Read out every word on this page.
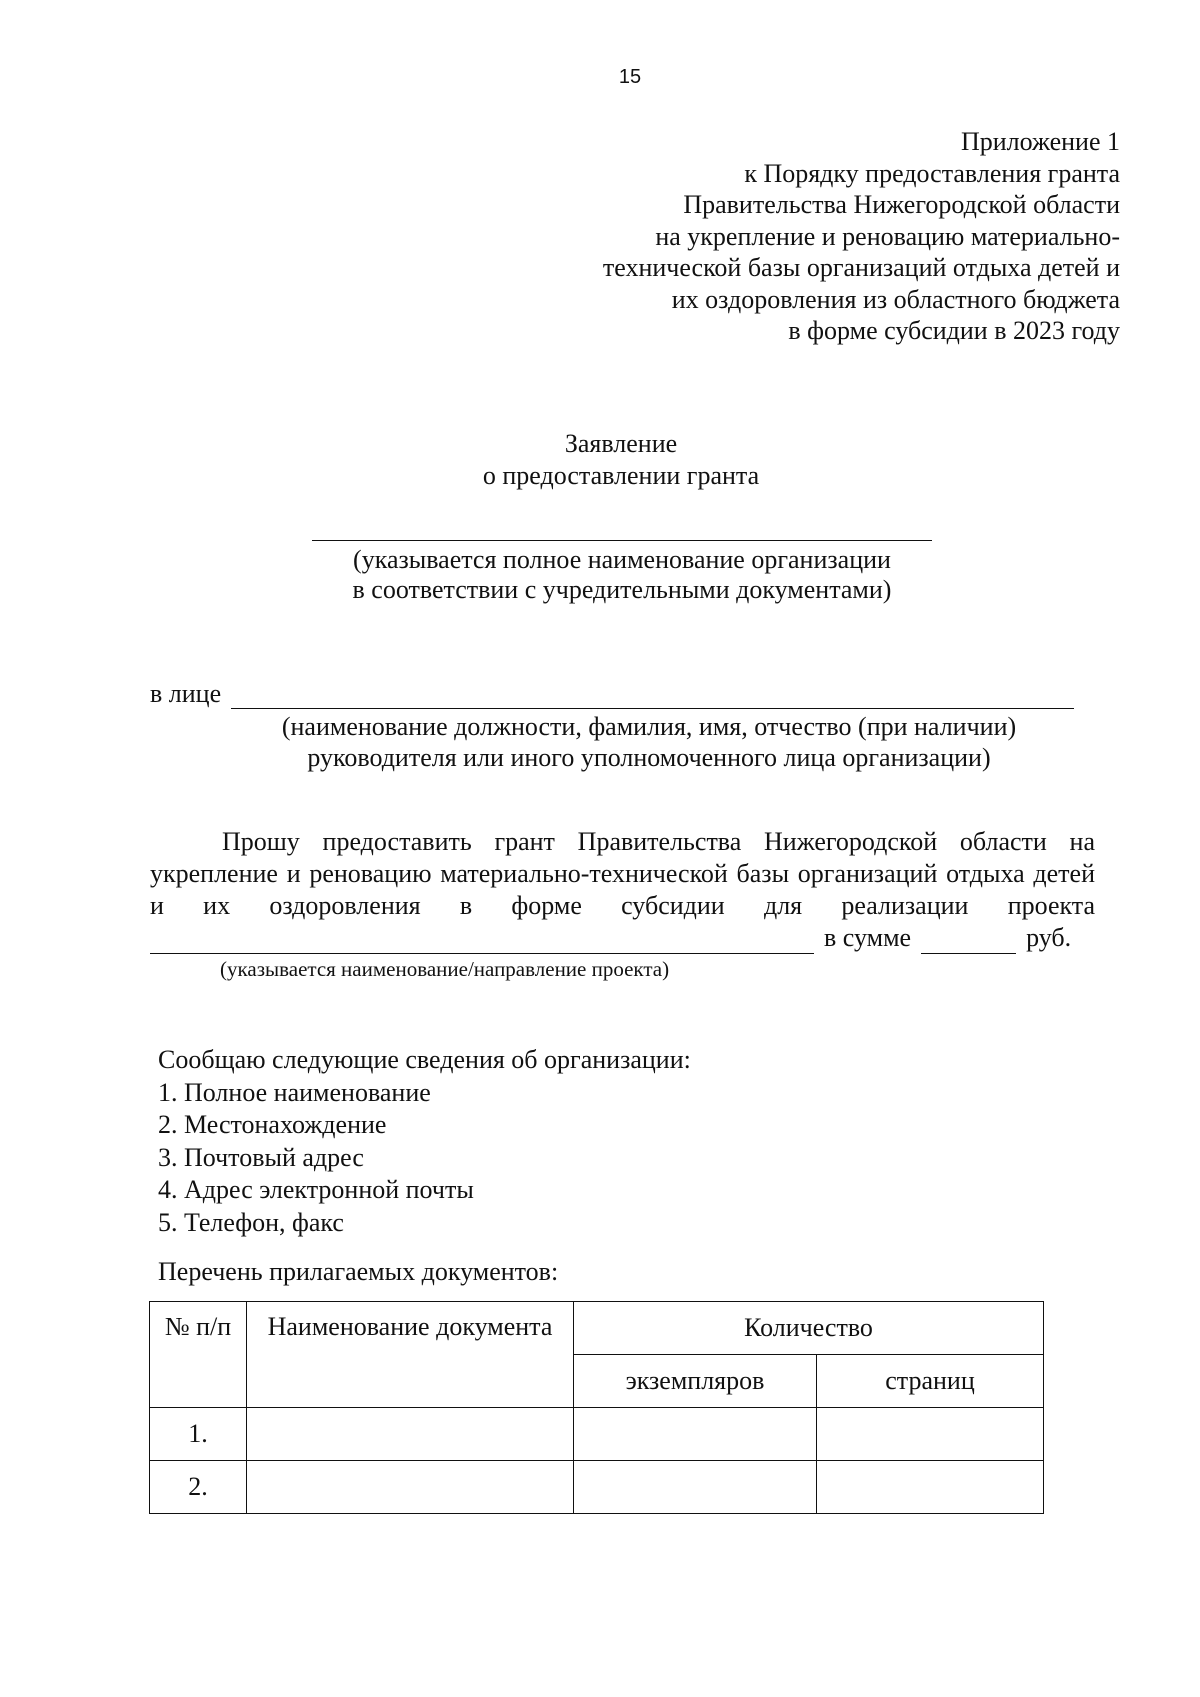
15
Приложение 1
к Порядку предоставления гранта
Правительства Нижегородской области
на укрепление и реновацию материально-
технической базы организаций отдыха детей и
их оздоровления из областного бюджета
в форме субсидии в 2023 году
Заявление
о предоставлении гранта
(указывается полное наименование организации
в соответствии с учредительными документами)
в лице
(наименование должности, фамилия, имя, отчество (при наличии)
руководителя или иного уполномоченного лица организации)

Прошу предоставить грант Правительства Нижегородской области на укрепление и реновацию материально-технической базы организаций отдыха детей и их оздоровления в форме субсидии для реализации проекта

в сумме	руб.
(указывается наименование/направление проекта)
Сообщаю следующие сведения об организации:
1. Полное наименование
2. Местонахождение
3. Почтовый адрес
4. Адрес электронной почты
5. Телефон, факс
Перечень прилагаемых документов:
№ п/п	Наименование документа	Количество	
		экземпляров	страниц
1.			
2.			
